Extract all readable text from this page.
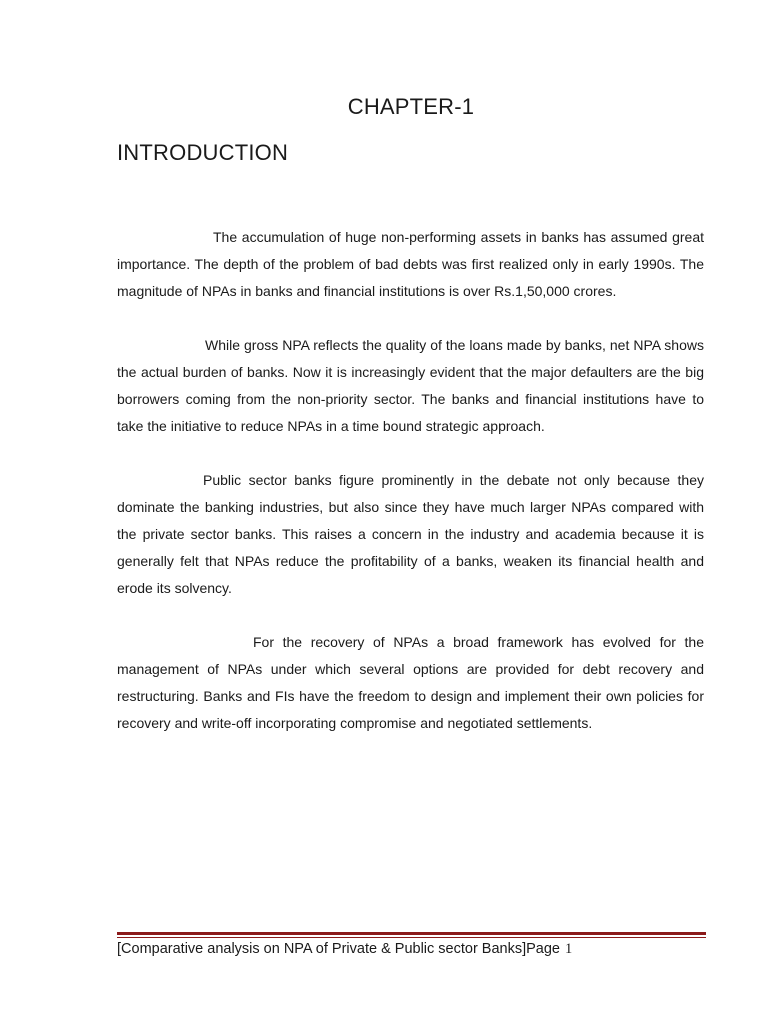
CHAPTER-1
INTRODUCTION

The accumulation of huge non-performing assets in banks has assumed great importance. The depth of the problem of bad debts was first realized only in early 1990s. The magnitude of NPAs in banks and financial institutions is over Rs.1,50,000 crores.

While gross NPA reflects the quality of the loans made by banks, net NPA shows the actual burden of banks. Now it is increasingly evident that the major defaulters are the big borrowers coming from the non-priority sector. The banks and financial institutions have to take the initiative to reduce NPAs in a time bound strategic approach.

Public sector banks figure prominently in the debate not only because they dominate the banking industries, but also since they have much larger NPAs compared with the private sector banks. This raises a concern in the industry and academia because it is generally felt that NPAs reduce the profitability of a banks, weaken its financial health and erode its solvency.

For the recovery of NPAs a broad framework has evolved for the management of NPAs under which several options are provided for debt recovery and restructuring. Banks and FIs have the freedom to design and implement their own policies for recovery and write-off incorporating compromise and negotiated settlements.

[Comparative analysis on NPA of Private & Public sector Banks]Page 1
